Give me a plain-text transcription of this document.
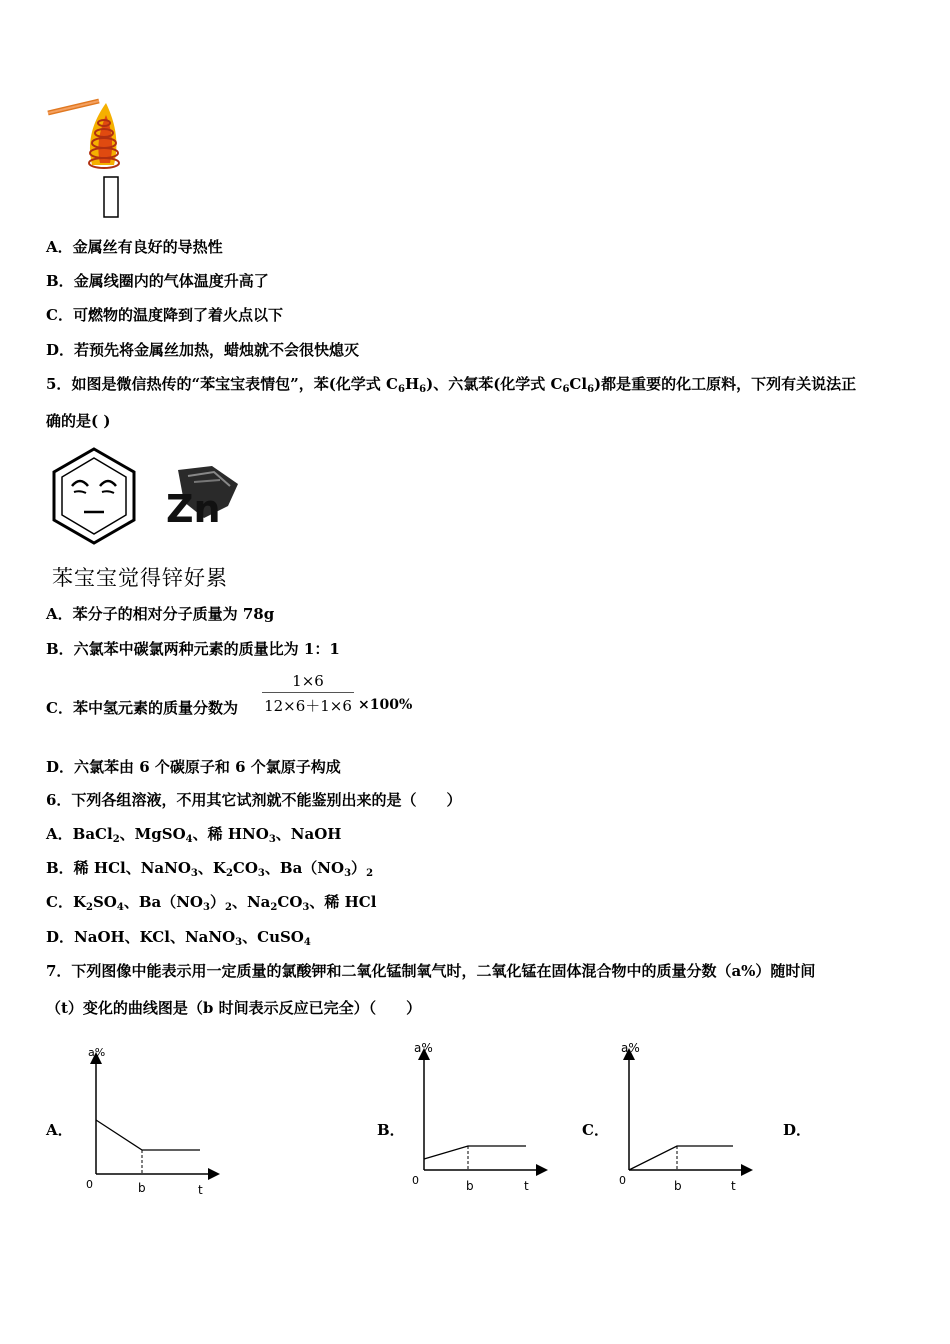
A．金属丝有良好的导热性
B．金属线圈内的气体温度升高了
C．可燃物的温度降到了着火点以下
D．若预先将金属丝加热，蜡烛就不会很快熄灭
5．如图是微信热传的“苯宝宝表情包”，苯(化学式 $C_6H_6$)、六氯苯(化学式 $C_6Cl_6$)都是重要的化工原料，下列有关说法正
确的是( )
Zn
苯宝宝觉得锌好累
A．苯分子的相对分子质量为 78g
B．六氯苯中碳氯两种元素的质量比为 1：1
C．苯中氢元素的质量分数为 $\frac{1\times 6}{12\times 6+1\times 6} \times 100\%$
D．六氯苯由 6 个碳原子和 6 个氯原子构成
6．下列各组溶液，不用其它试剂就不能鉴别出来的是（　　）
A．BaCl$_2$、MgSO$_4$、稀 $HNO_3$、NaOH
B．稀 HCl、NaNO$_3$、$K_2CO_3$、$Ba(NO_3)_2$
C．$K_2SO_4$、$Ba(NO_3)_2$、$Na_2CO_3$、稀 HCl
D．NaOH、KCl、NaNO$_3$、CuSO$_4$
7．下列图像中能表示用一定质量的氯酸钾和二氧化锰制氧气时，二氧化锰在固体混合物中的质量分数（a%）随时间
（t）变化的曲线图是（b 时间表示反应已完全）（　　）
A．	B．	C．	D．
a%
0	b	t
a%
0	b	t
a%
0	b	t
